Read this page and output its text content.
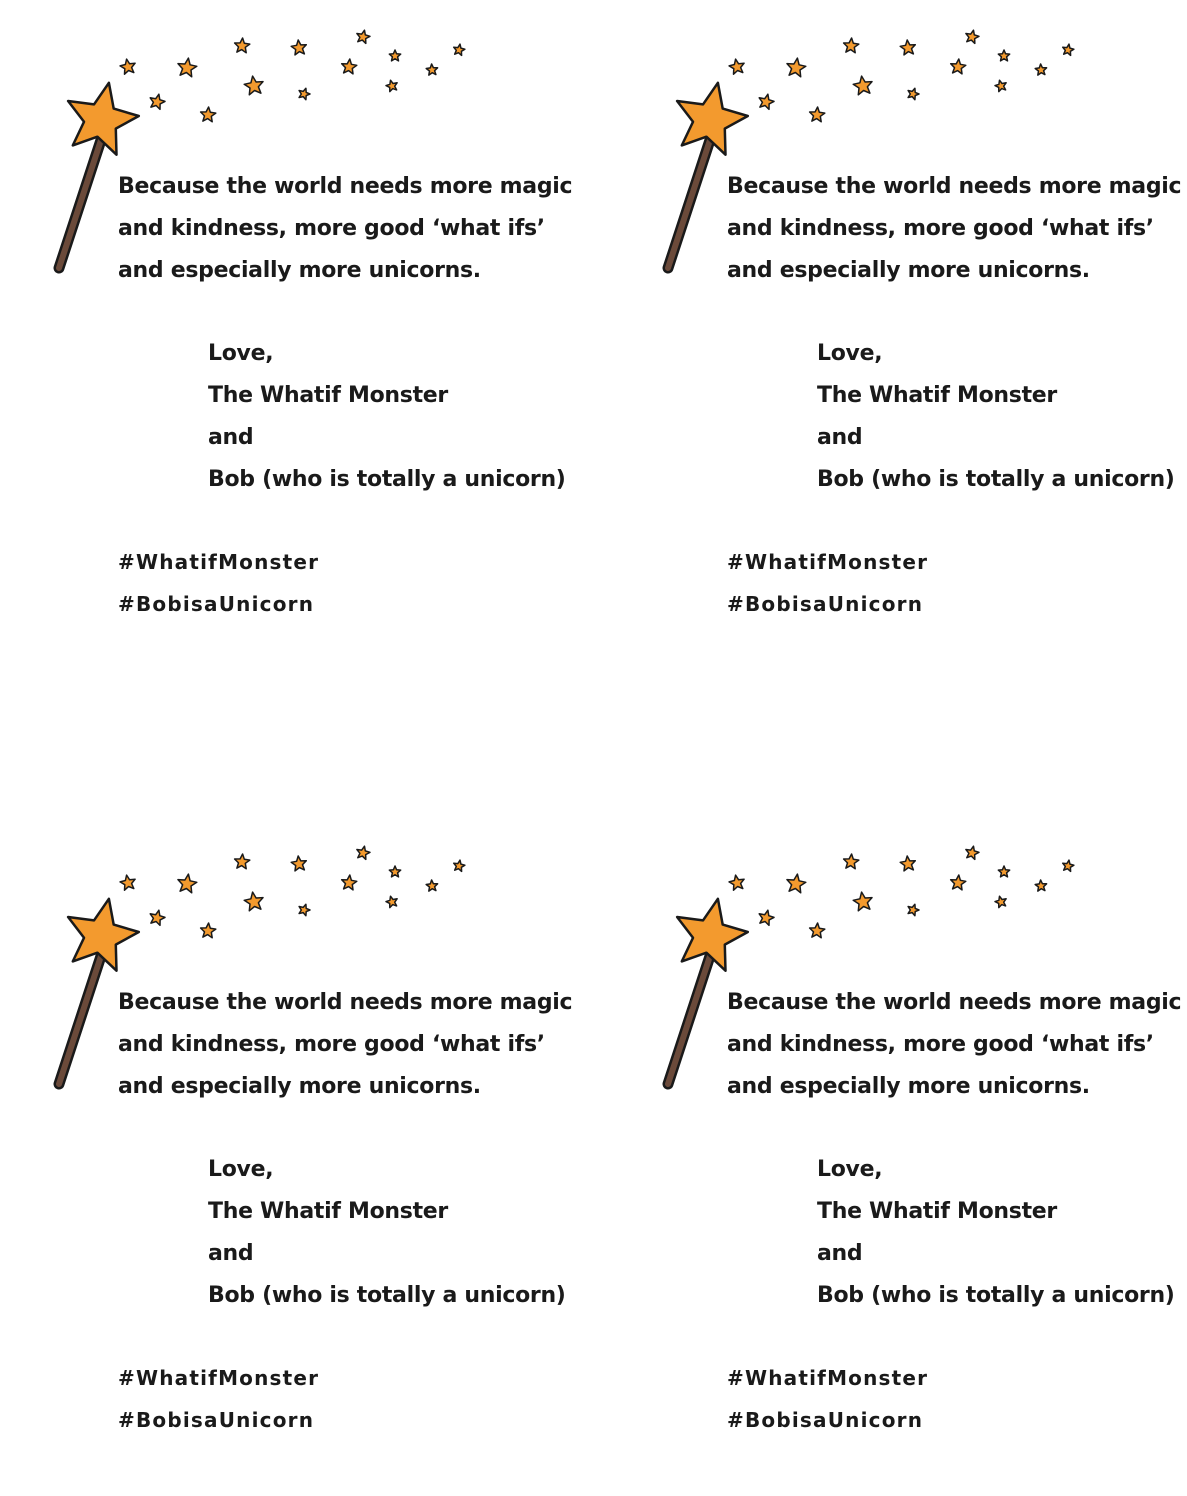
Because the world needs more magic
and kindness, more good ‘what ifs’
and especially more unicorns.
Love,
The Whatif Monster
and
Bob (who is totally a unicorn)
#WhatifMonster
#BobisaUnicorn
Because the world needs more magic
and kindness, more good ‘what ifs’
and especially more unicorns.
Love,
The Whatif Monster
and
Bob (who is totally a unicorn)
#WhatifMonster
#BobisaUnicorn
Because the world needs more magic
and kindness, more good ‘what ifs’
and especially more unicorns.
Love,
The Whatif Monster
and
Bob (who is totally a unicorn)
#WhatifMonster
#BobisaUnicorn
Because the world needs more magic
and kindness, more good ‘what ifs’
and especially more unicorns.
Love,
The Whatif Monster
and
Bob (who is totally a unicorn)
#WhatifMonster
#BobisaUnicorn
